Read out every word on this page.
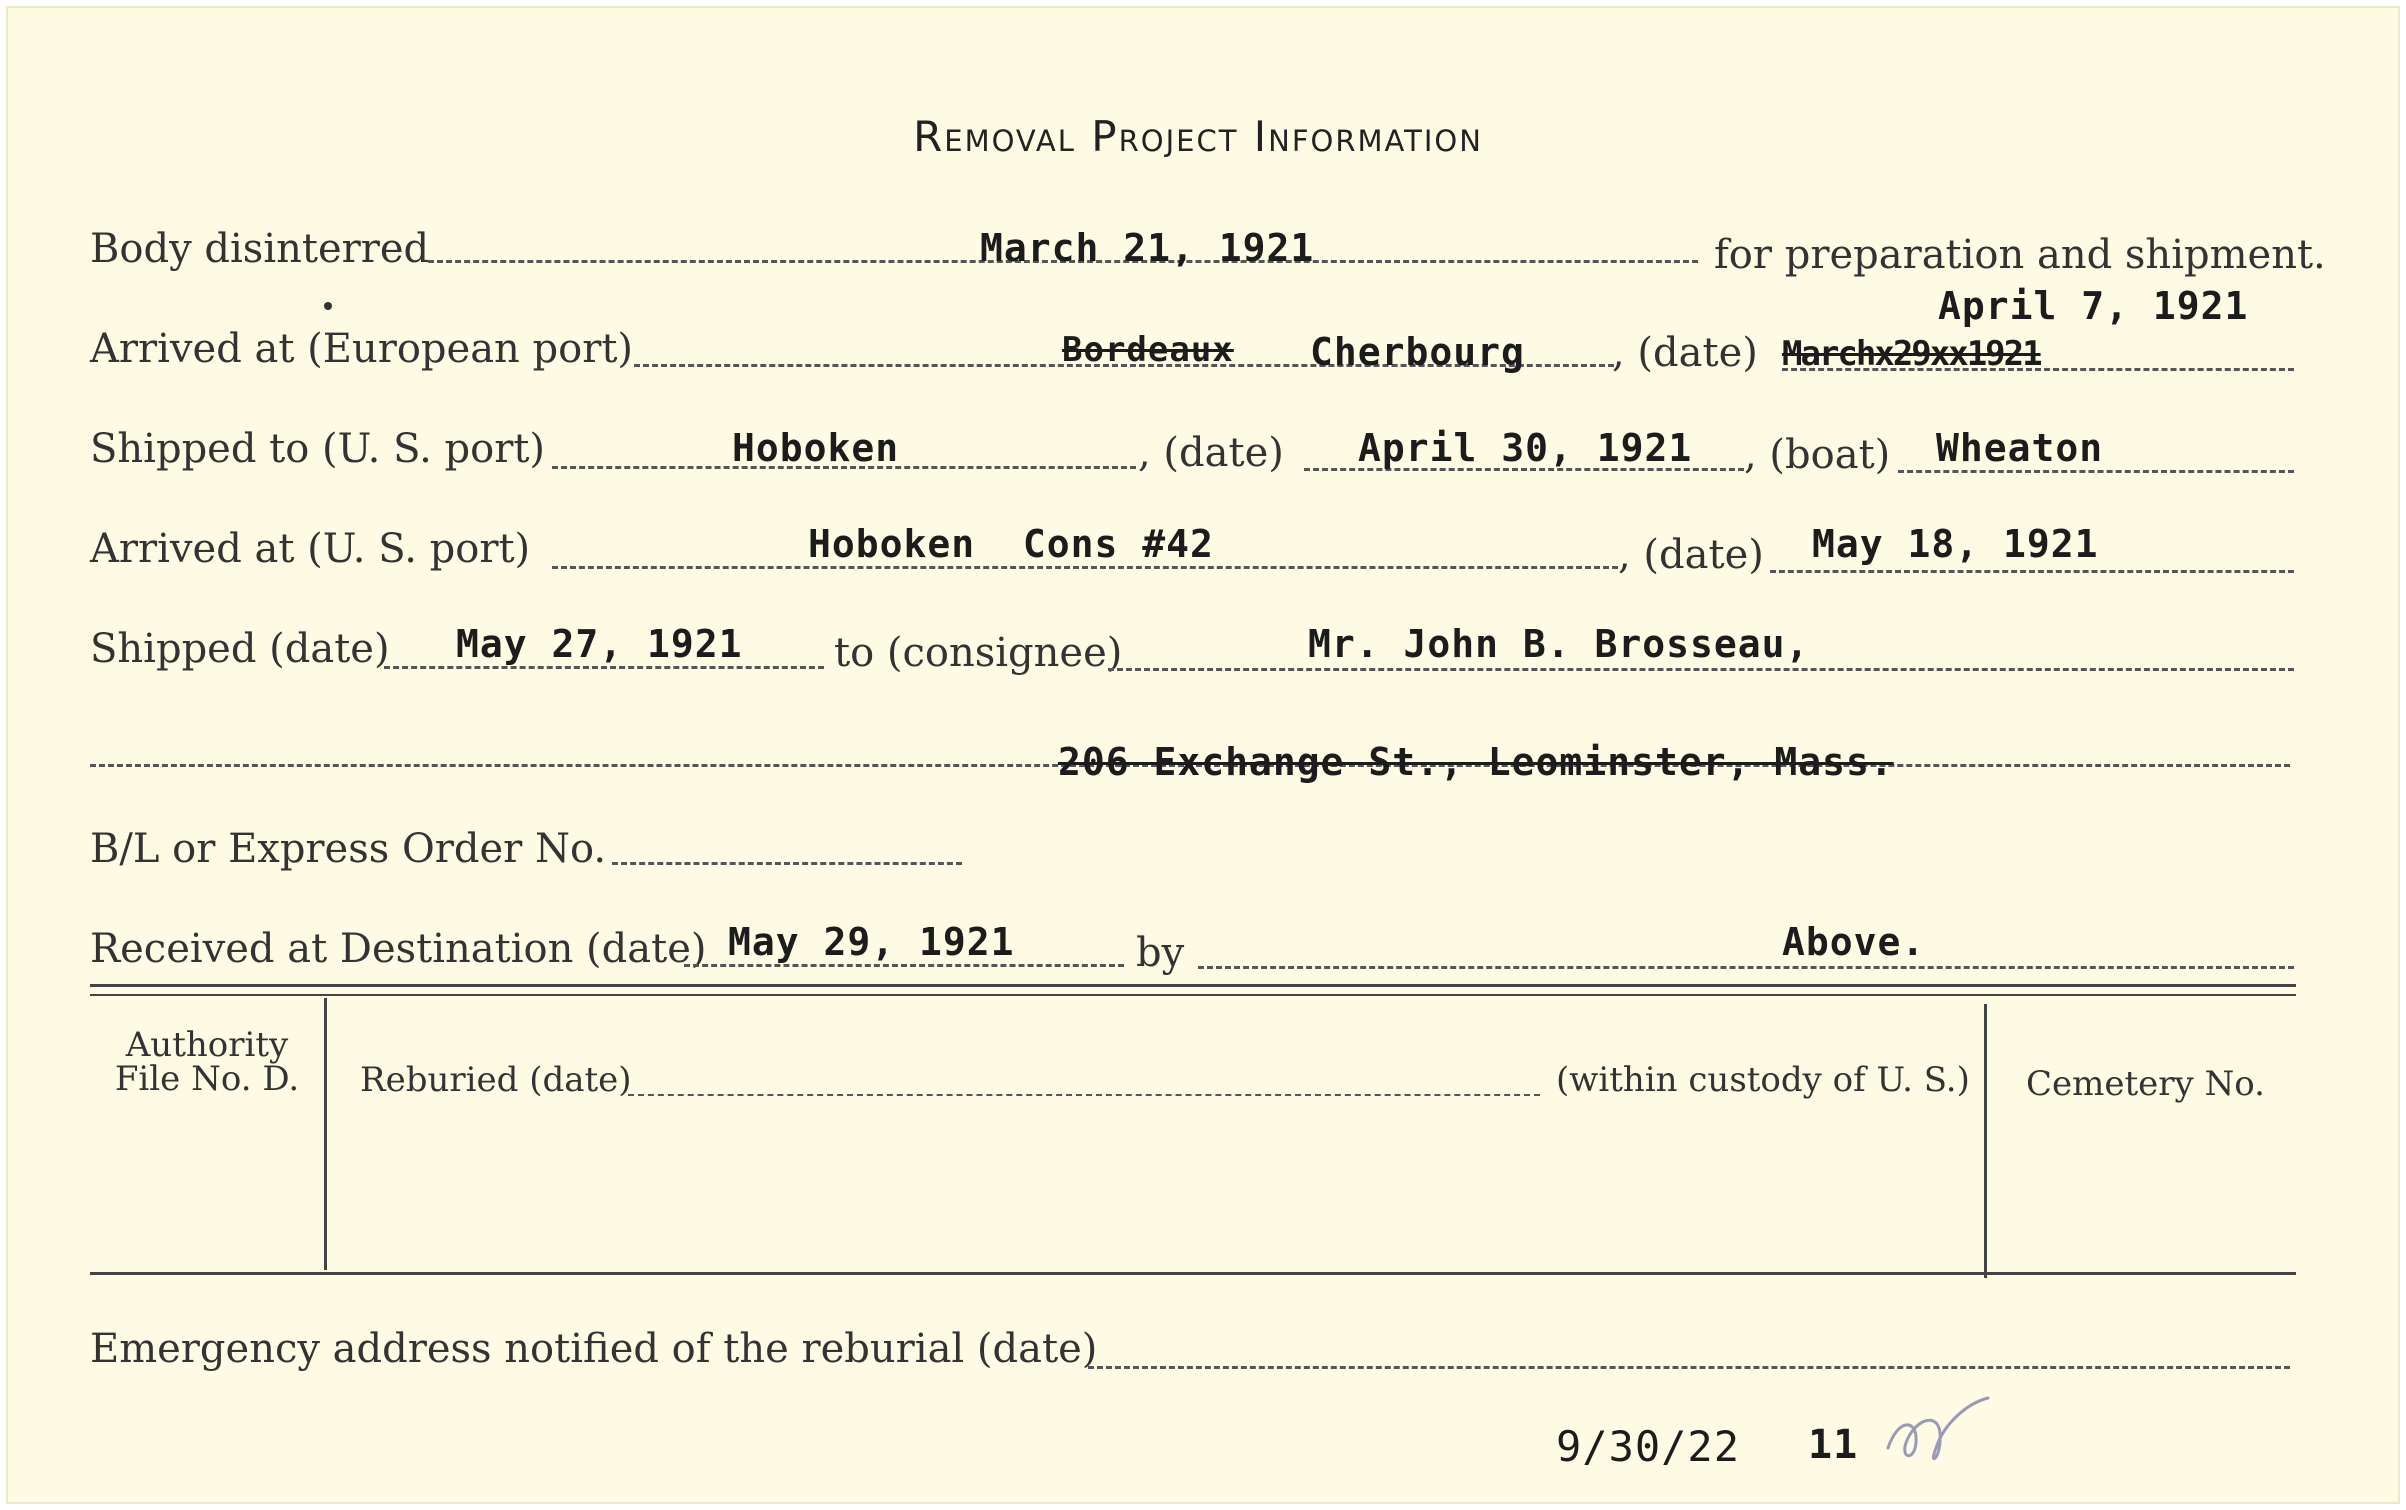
Removal Project Information
Body disinterred	March 21, 1921	for preparation and shipment.
Arrived at (European port)	Bordeaux Cherbourg , (date) Marchx29xx1921
April 7, 1921
Shipped to (U. S. port)	Hoboken	, (date) April 30, 1921 , (boat) Wheaton
Arrived at (U. S. port)	Hoboken  Cons #42	, (date) May 18, 1921
Shipped (date) May 27, 1921 to (consignee)	Mr. John B. Brosseau,
206 Exchange St., Leominster, Mass.
B/L or Express Order No.
Received at Destination (date) May 29, 1921	by	Above.
Authority
File No. D.	Reburied (date)	(within custody of U. S.) Cemetery No.
Emergency address notified of the reburial (date)
9/30/22 11
